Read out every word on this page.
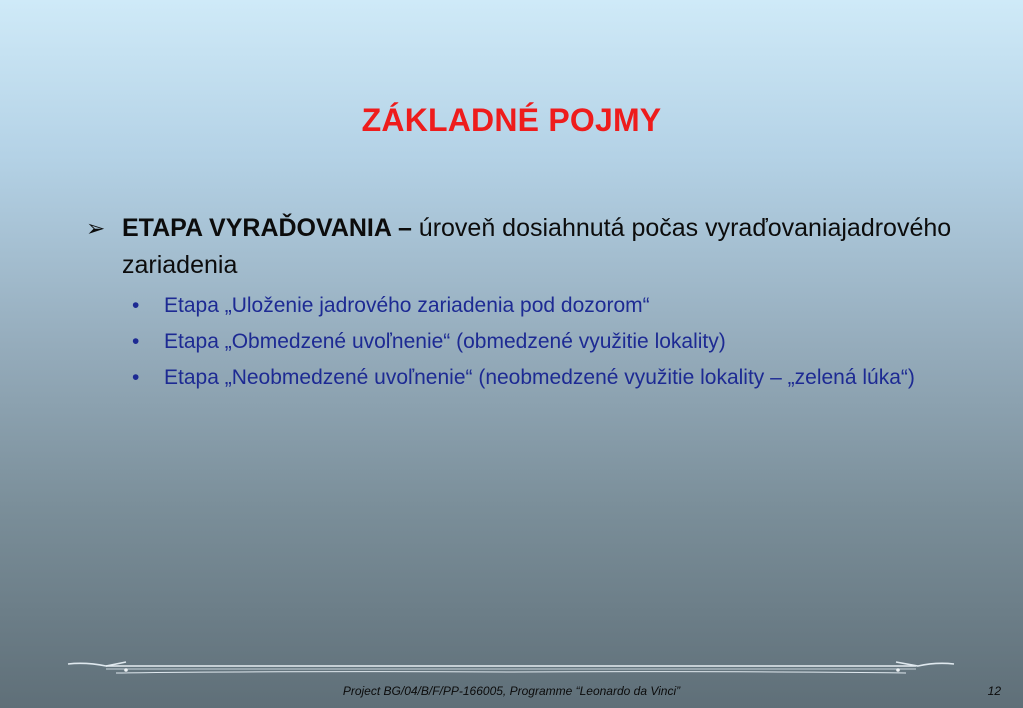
ZÁKLADNÉ POJMY
➢ ETAPA VYRAĎOVANIA – úroveň dosiahnutá počas vyraďovaniajadrového zariadenia
• Etapa „Uloženie jadrového zariadenia pod dozorom“
• Etapa „Obmedzené uvoľnenie“ (obmedzené využitie lokality)
• Etapa „Neobmedzené uvoľnenie“ (neobmedzené využitie lokality – „zelená lúka“)
Project BG/04/B/F/PP-166005, Programme “Leonardo da Vinci”	12
